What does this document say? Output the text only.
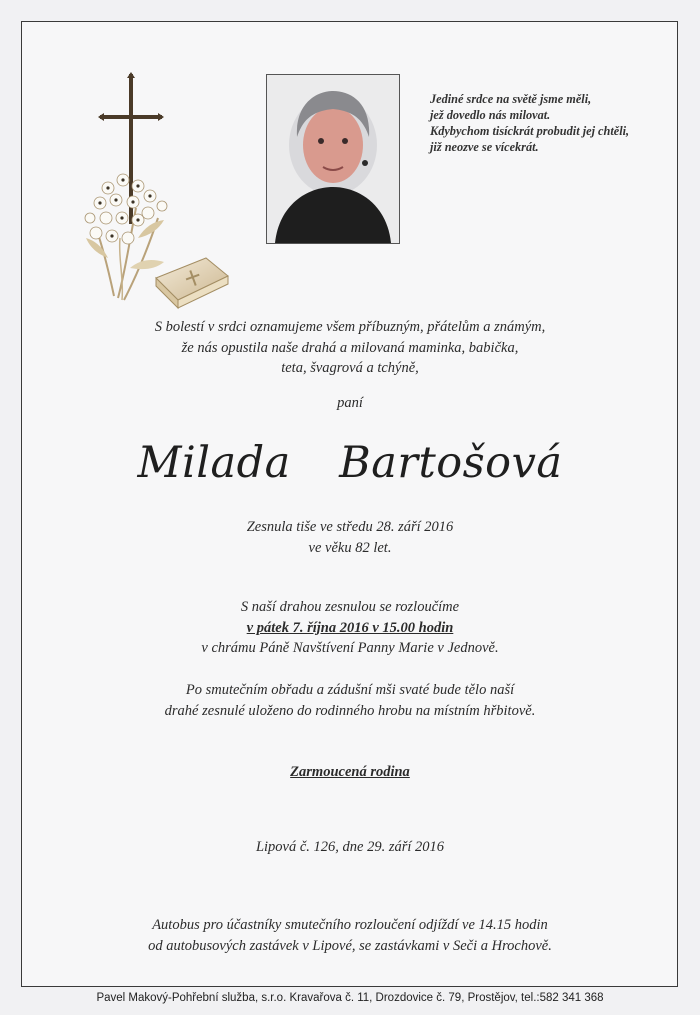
Jediné srdce na světě jsme měli,
jež dovedlo nás milovat.
Kdybychom tisíckrát probudit jej chtěli,
již neozve se vícekrát.
S bolestí v srdci oznamujeme všem příbuzným, přátelům a známým,
že nás opustila naše drahá a milovaná maminka, babička,
teta, švagrová a tchýně,
paní
Milada  Bartošová
Zesnula tiše ve středu 28. září 2016
ve věku 82 let.
S naší drahou zesnulou se rozloučíme
v pátek 7. října 2016 v 15.00 hodin
v chrámu Páně Navštívení Panny Marie v Jednově.
Po smutečním obřadu a zádušní mši svaté bude tělo naší
drahé zesnulé uloženo do rodinného hrobu na místním hřbitově.
Zarmoucená rodina
Lipová č. 126, dne 29. září 2016
Autobus pro účastníky smutečního rozloučení odjíždí ve 14.15 hodin
od autobusových zastávek v Lipové, se zastávkami v Seči a Hrochově.
Pavel Makový-Pohřební služba, s.r.o. Kravařova č. 11, Drozdovice č. 79, Prostějov, tel.:582 341 368
